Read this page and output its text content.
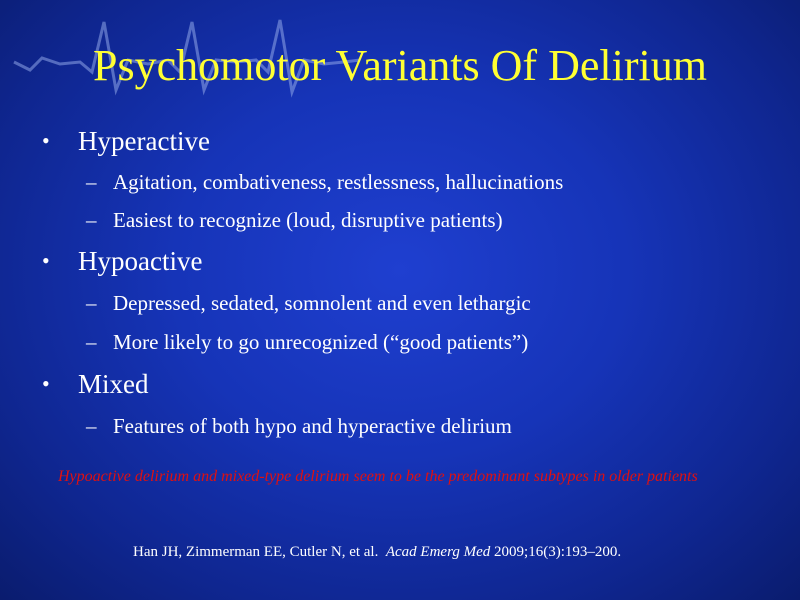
Psychomotor Variants Of Delirium
• Hyperactive
– Agitation, combativeness, restlessness, hallucinations
– Easiest to recognize (loud, disruptive patients)
• Hypoactive
– Depressed, sedated, somnolent and even lethargic
– More likely to go unrecognized (“good patients”)
• Mixed
– Features of both hypo and hyperactive delirium
Hypoactive delirium and mixed-type delirium seem to be the predominant subtypes in older patients
Han JH, Zimmerman EE, Cutler N, et al. Acad Emerg Med 2009;16(3):193–200.
